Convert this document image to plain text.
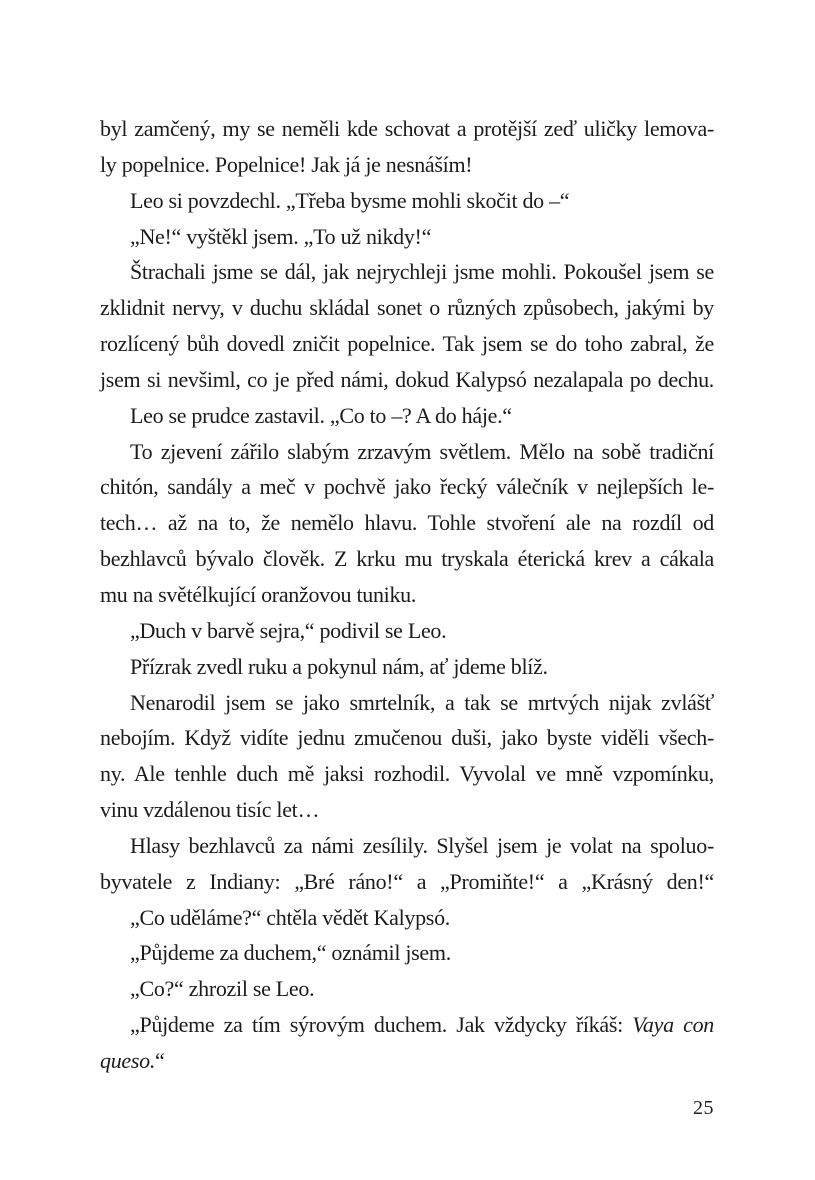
byl zamčený, my se neměli kde schovat a protější zeď uličky lemova-
ly popelnice. Popelnice! Jak já je nesnáším!
Leo si povzdechl. „Třeba bysme mohli skočit do –“
„Ne!“ vyštěkl jsem. „To už nikdy!“
Štrachali jsme se dál, jak nejrychleji jsme mohli. Pokoušel jsem se
zklidnit nervy, v duchu skládal sonet o různých způsobech, jakými by
rozlícený bůh dovedl zničit popelnice. Tak jsem se do toho zabral, že
jsem si nevšiml, co je před námi, dokud Kalypsó nezalapala po dechu.
Leo se prudce zastavil. „Co to –? A do háje.“
To zjevení zářilo slabým zrzavým světlem. Mělo na sobě tradiční
chitón, sandály a meč v pochvě jako řecký válečník v nejlepších le-
tech… až na to, že nemělo hlavu. Tohle stvoření ale na rozdíl od
bezhlavců bývalo člověk. Z krku mu tryskala éterická krev a cákala
mu na světélkující oranžovou tuniku.
„Duch v barvě sejra,“ podivil se Leo.
Přízrak zvedl ruku a pokynul nám, ať jdeme blíž.
Nenarodil jsem se jako smrtelník, a tak se mrtvých nijak zvlášť
nebojím. Když vidíte jednu zmučenou duši, jako byste viděli všech-
ny. Ale tenhle duch mě jaksi rozhodil. Vyvolal ve mně vzpomínku,
vinu vzdálenou tisíc let…
Hlasy bezhlavců za námi zesílily. Slyšel jsem je volat na spoluo-
byvatele z Indiany: „Bré ráno!“ a „Promiňte!“ a „Krásný den!“
„Co uděláme?“ chtěla vědět Kalypsó.
„Půjdeme za duchem,“ oznámil jsem.
„Co?“ zhrozil se Leo.
„Půjdeme za tím sýrovým duchem. Jak vždycky říkáš: Vaya con
queso.“
25
